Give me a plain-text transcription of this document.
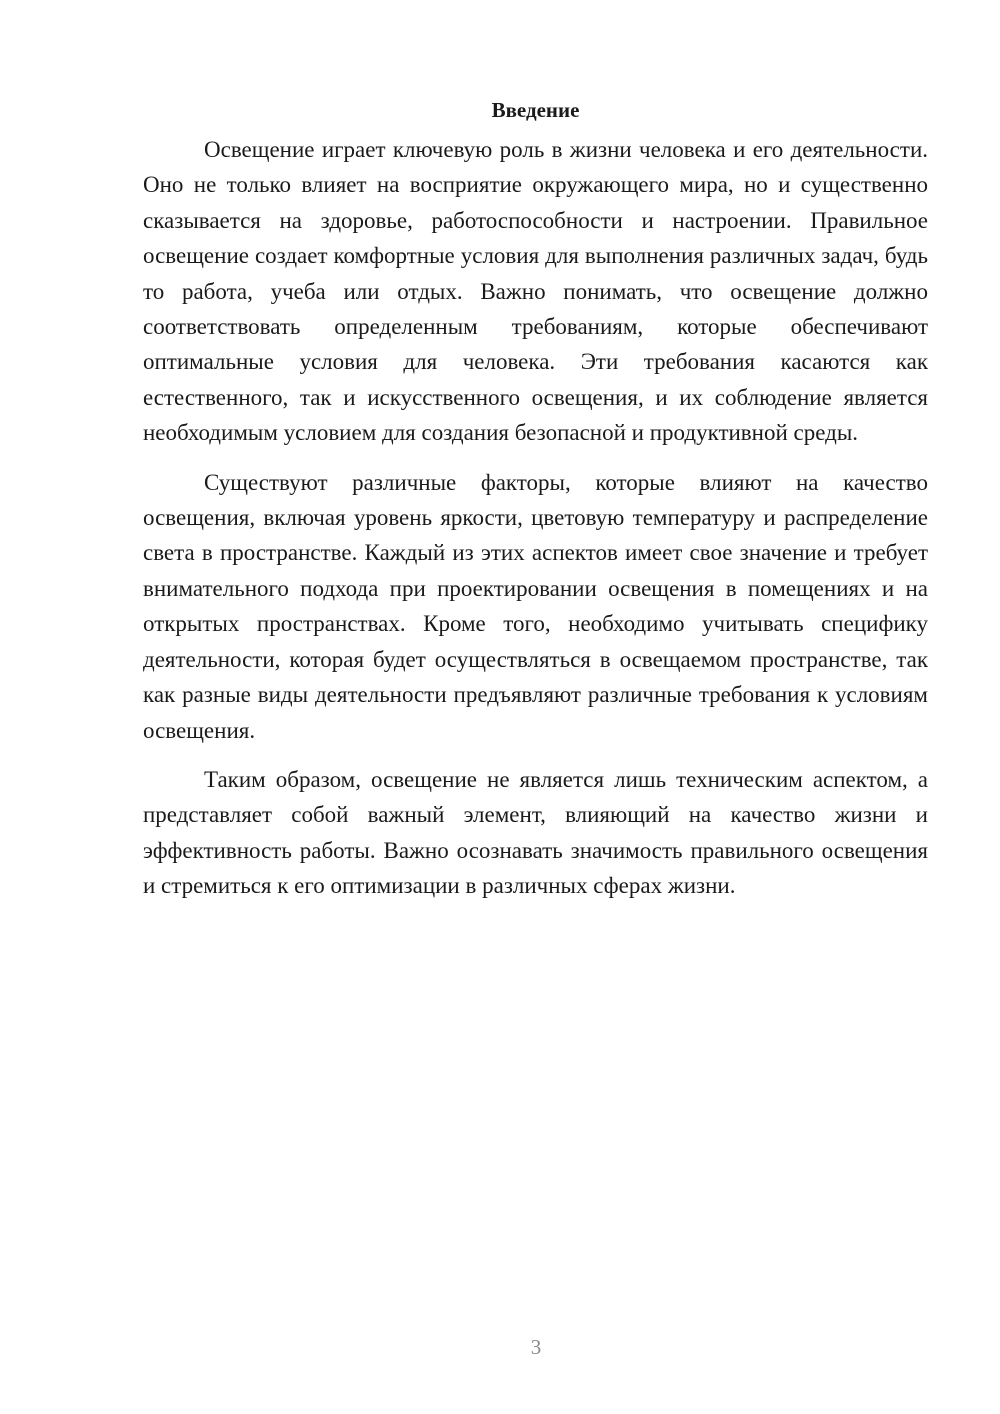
Введение

Освещение играет ключевую роль в жизни человека и его деятельности. Оно не только влияет на восприятие окружающего мира, но и существенно сказывается на здоровье, работоспособности и настроении. Правильное освещение создает комфортные условия для выполнения различных задач, будь то работа, учеба или отдых. Важно понимать, что освещение должно соответствовать определенным требованиям, которые обеспечивают оптимальные условия для человека. Эти требования касаются как естественного, так и искусственного освещения, и их соблюдение является необходимым условием для создания безопасной и продуктивной среды.

Существуют различные факторы, которые влияют на качество освещения, включая уровень яркости, цветовую температуру и распределение света в пространстве. Каждый из этих аспектов имеет свое значение и требует внимательного подхода при проектировании освещения в помещениях и на открытых пространствах. Кроме того, необходимо учитывать специфику деятельности, которая будет осуществляться в освещаемом пространстве, так как разные виды деятельности предъявляют различные требования к условиям освещения.

Таким образом, освещение не является лишь техническим аспектом, а представляет собой важный элемент, влияющий на качество жизни и эффективность работы. Важно осознавать значимость правильного освещения и стремиться к его оптимизации в различных сферах жизни.

3
